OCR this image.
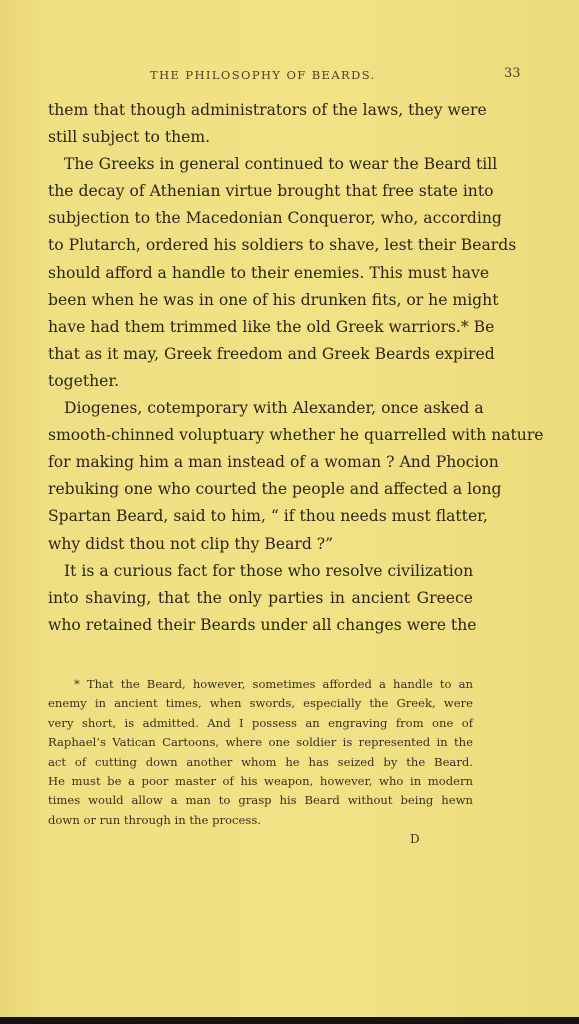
THE PHILOSOPHY OF BEARDS.	33
them that though administrators of the laws, they were
still subject to them.
The Greeks in general continued to wear the Beard till
the decay of Athenian virtue brought that free state into
subjection to the Macedonian Conqueror, who, according
to Plutarch, ordered his soldiers to shave, lest their Beards
should afford a handle to their enemies. This must have
been when he was in one of his drunken fits, or he might
have had them trimmed like the old Greek warriors.* Be
that as it may, Greek freedom and Greek Beards expired
together.
Diogenes, cotemporary with Alexander, once asked a
smooth-chinned voluptuary whether he quarrelled with nature
for making him a man instead of a woman ? And Phocion
rebuking one who courted the people and affected a long
Spartan Beard, said to him, “ if thou needs must flatter,
why didst thou not clip thy Beard ?”
It is a curious fact for those who resolve civilization
into shaving, that the only parties in ancient Greece
who retained their Beards under all changes were the
* That the Beard, however, sometimes afforded a handle to an
enemy in ancient times, when swords, especially the Greek, were
very short, is admitted. And I possess an engraving from one of
Raphael’s Vatican Cartoons, where one soldier is represented in the
act of cutting down another whom he has seized by the Beard.
He must be a poor master of his weapon, however, who in modern
times would allow a man to grasp his Beard without being hewn
down or run through in the process.
D
